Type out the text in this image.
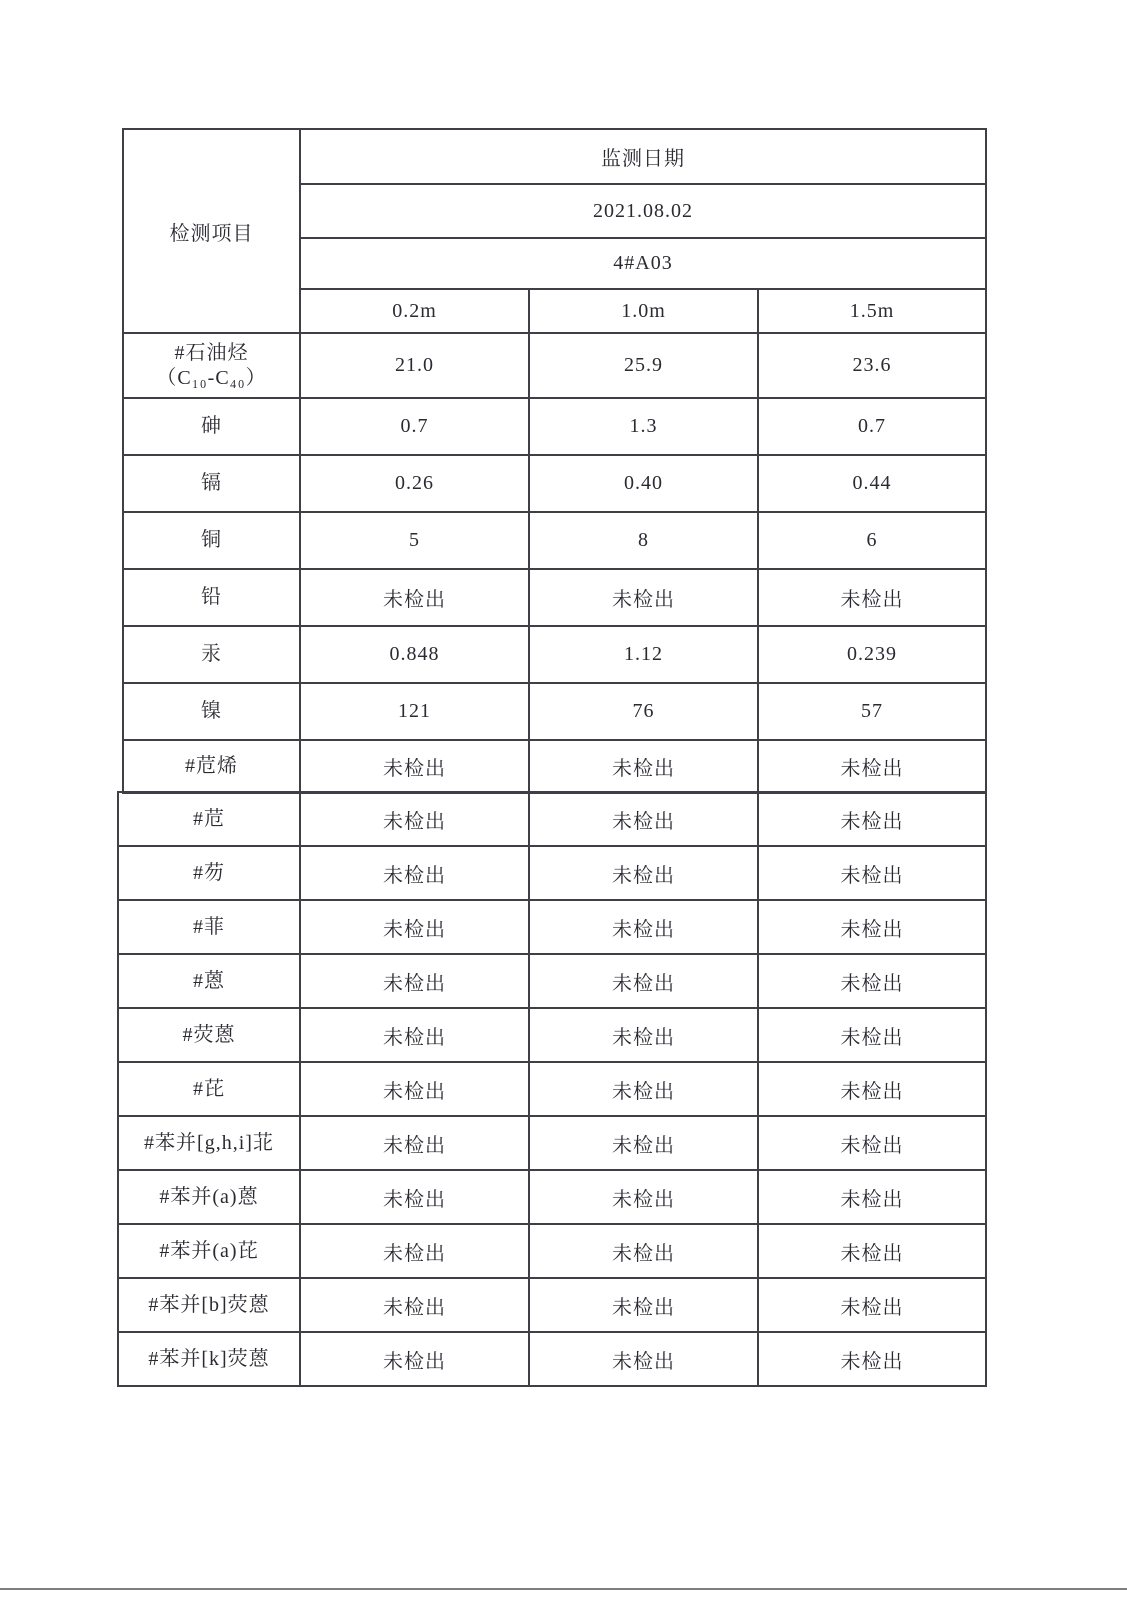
检测项目	监测日期		
	2021.08.02		
	4#A03		
	0.2m	1.0m	1.5m

#石油烃
（C₁₀-C₄₀）	21.0	25.9	23.6

砷	0.7	1.3	0.7

镉	0.26	0.40	0.44

铜	5	8	6

铅	未检出	未检出	未检出

汞	0.848	1.12	0.239

镍	121	76	57

#苊烯	未检出	未检出	未检出
#苊	未检出	未检出	未检出

#芴	未检出	未检出	未检出

#菲	未检出	未检出	未检出

#蒽	未检出	未检出	未检出

#荧蒽	未检出	未检出	未检出

#芘	未检出	未检出	未检出

#苯并[g,h,i]苝	未检出	未检出	未检出

#苯并(a)蒽	未检出	未检出	未检出

#苯并(a)芘	未检出	未检出	未检出

#苯并[b]荧蒽	未检出	未检出	未检出

#苯并[k]荧蒽	未检出	未检出	未检出
